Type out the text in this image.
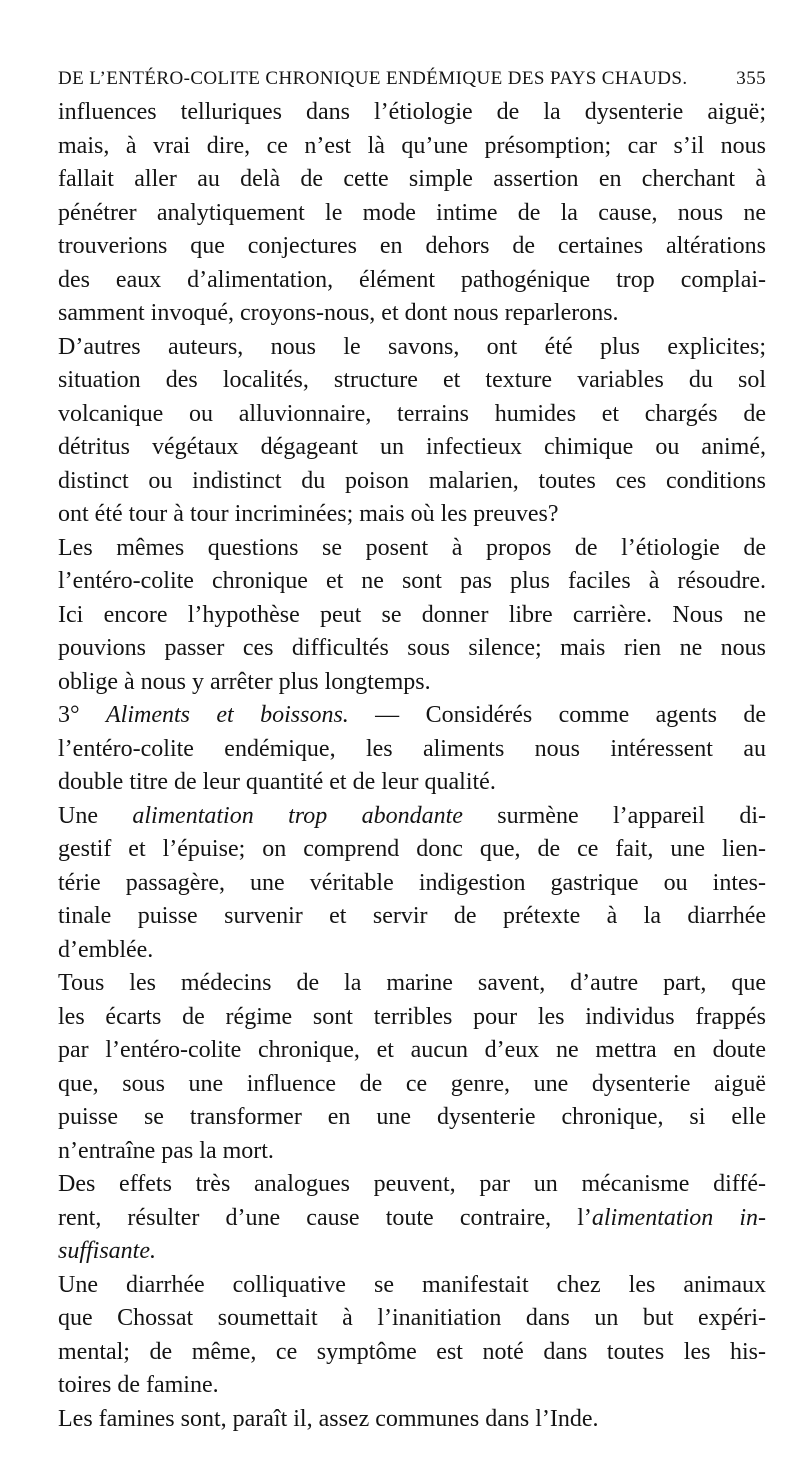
DE L’ENTÉRO-COLITE CHRONIQUE ENDÉMIQUE DES PAYS CHAUDS.	355
influences telluriques dans l’étiologie de la dysenterie aiguë;
mais, à vrai dire, ce n’est là qu’une présomption; car s’il nous
fallait aller au delà de cette simple assertion en cherchant à
pénétrer analytiquement le mode intime de la cause, nous ne
trouverions que conjectures en dehors de certaines altérations
des eaux d’alimentation, élément pathogénique trop complai-
samment invoqué, croyons-nous, et dont nous reparlerons.
D’autres auteurs, nous le savons, ont été plus explicites;
situation des localités, structure et texture variables du sol
volcanique ou alluvionnaire, terrains humides et chargés de
détritus végétaux dégageant un infectieux chimique ou animé,
distinct ou indistinct du poison malarien, toutes ces conditions
ont été tour à tour incriminées; mais où les preuves?
Les mêmes questions se posent à propos de l’étiologie de
l’entéro-colite chronique et ne sont pas plus faciles à résoudre.
Ici encore l’hypothèse peut se donner libre carrière. Nous ne
pouvions passer ces difficultés sous silence; mais rien ne nous
oblige à nous y arrêter plus longtemps.
3° Aliments et boissons. — Considérés comme agents de
l’entéro-colite endémique, les aliments nous intéressent au
double titre de leur quantité et de leur qualité.
Une alimentation trop abondante surmène l’appareil di-
gestif et l’épuise; on comprend donc que, de ce fait, une lien-
térie passagère, une véritable indigestion gastrique ou intes-
tinale puisse survenir et servir de prétexte à la diarrhée
d’emblée.
Tous les médecins de la marine savent, d’autre part, que
les écarts de régime sont terribles pour les individus frappés
par l’entéro-colite chronique, et aucun d’eux ne mettra en doute
que, sous une influence de ce genre, une dysenterie aiguë
puisse se transformer en une dysenterie chronique, si elle
n’entraîne pas la mort.
Des effets très analogues peuvent, par un mécanisme diffé-
rent, résulter d’une cause toute contraire, l’alimentation in-
suffisante.
Une diarrhée colliquative se manifestait chez les animaux
que Chossat soumettait à l’inanitiation dans un but expéri-
mental; de même, ce symptôme est noté dans toutes les his-
toires de famine.
Les famines sont, paraît il, assez communes dans l’Inde.
